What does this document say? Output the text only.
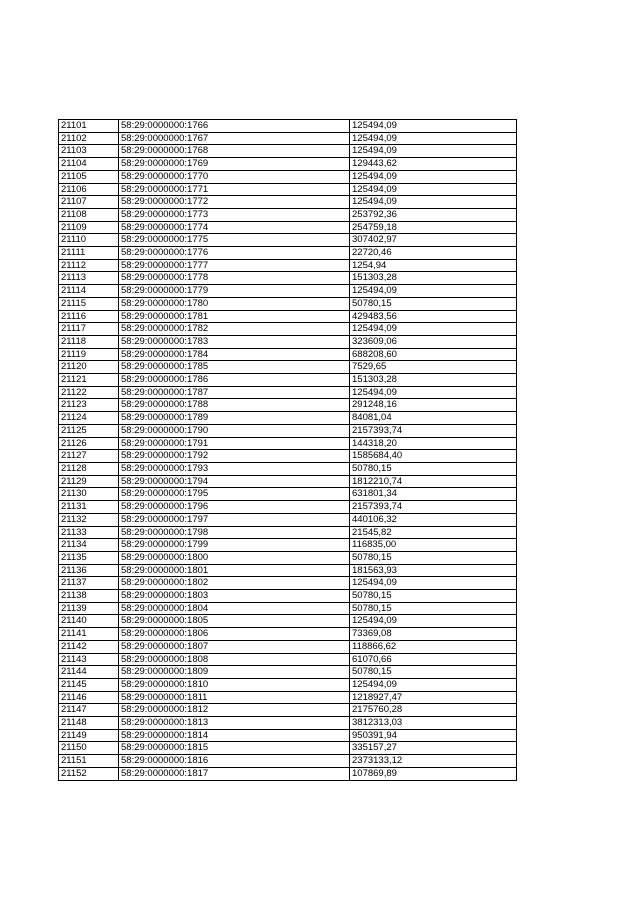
21101	58:29:0000000:1766	125494,09
21102	58:29:0000000:1767	125494,09
21103	58:29:0000000:1768	125494,09
21104	58:29:0000000:1769	129443,62
21105	58:29:0000000:1770	125494,09
21106	58:29:0000000:1771	125494,09
21107	58:29:0000000:1772	125494,09
21108	58:29:0000000:1773	253792,36
21109	58:29:0000000:1774	254759,18
21110	58:29:0000000:1775	307402,97
21111	58:29:0000000:1776	22720,46
21112	58:29:0000000:1777	1254,94
21113	58:29:0000000:1778	151303,28
21114	58:29:0000000:1779	125494,09
21115	58:29:0000000:1780	50780,15
21116	58:29:0000000:1781	429483,56
21117	58:29:0000000:1782	125494,09
21118	58:29:0000000:1783	323609,06
21119	58:29:0000000:1784	688208,60
21120	58:29:0000000:1785	7529,65
21121	58:29:0000000:1786	151303,28
21122	58:29:0000000:1787	125494,09
21123	58:29:0000000:1788	291248,16
21124	58:29:0000000:1789	84081,04
21125	58:29:0000000:1790	2157393,74
21126	58:29:0000000:1791	144318,20
21127	58:29:0000000:1792	1585684,40
21128	58:29:0000000:1793	50780,15
21129	58:29:0000000:1794	1812210,74
21130	58:29:0000000:1795	631801,34
21131	58:29:0000000:1796	2157393,74
21132	58:29:0000000:1797	440106,32
21133	58:29:0000000:1798	21545,82
21134	58:29:0000000:1799	116835,00
21135	58:29:0000000:1800	50780,15
21136	58:29:0000000:1801	181563,93
21137	58:29:0000000:1802	125494,09
21138	58:29:0000000:1803	50780,15
21139	58:29:0000000:1804	50780,15
21140	58:29:0000000:1805	125494,09
21141	58:29:0000000:1806	73369,08
21142	58:29:0000000:1807	118866,62
21143	58:29:0000000:1808	61070,66
21144	58:29:0000000:1809	50780,15
21145	58:29:0000000:1810	125494,09
21146	58:29:0000000:1811	1218927,47
21147	58:29:0000000:1812	2175760,28
21148	58:29:0000000:1813	3812313,03
21149	58:29:0000000:1814	950391,94
21150	58:29:0000000:1815	335157,27
21151	58:29:0000000:1816	2373133,12
21152	58:29:0000000:1817	107869,89
